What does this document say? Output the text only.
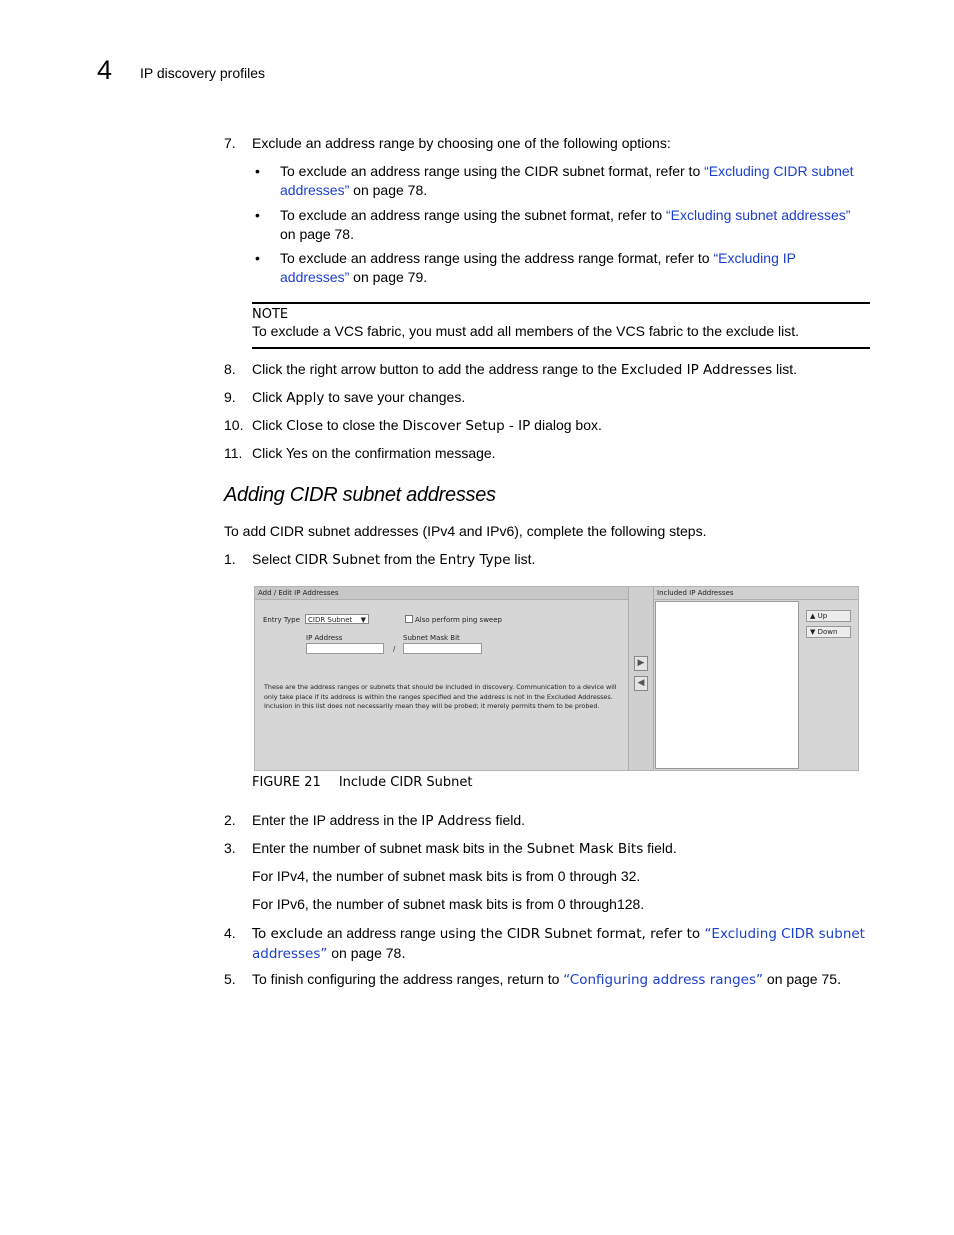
4 IP discovery profiles
7. Exclude an address range by choosing one of the following options:
• To exclude an address range using the CIDR subnet format, refer to “Excluding CIDR subnet addresses” on page 78.
• To exclude an address range using the subnet format, refer to “Excluding subnet addresses” on page 78.
• To exclude an address range using the address range format, refer to “Excluding IP addresses” on page 79.
NOTE
To exclude a VCS fabric, you must add all members of the VCS fabric to the exclude list.
8. Click the right arrow button to add the address range to the Excluded IP Addresses list.
9. Click Apply to save your changes.
10. Click Close to close the Discover Setup - IP dialog box.
11. Click Yes on the confirmation message.
Adding CIDR subnet addresses
To add CIDR subnet addresses (IPv4 and IPv6), complete the following steps.
1. Select CIDR Subnet from the Entry Type list.
Add / Edit IP Addresses
Entry Type	CIDR Subnet ▼	Also perform ping sweep
IP Address
/
Subnet Mask Bit
These are the address ranges or subnets that should be included in discovery. Communication to a device will only take place if its address is within the ranges specified and the address is not in the Excluded Addresses. Inclusion in this list does not necessarily mean they will be probed; it merely permits them to be probed.
▶
◀
Included IP Addresses
▲ Up
▼ Down
FIGURE 21 Include CIDR Subnet
2. Enter the IP address in the IP Address field.
3. Enter the number of subnet mask bits in the Subnet Mask Bits field.
For IPv4, the number of subnet mask bits is from 0 through 32.
For IPv6, the number of subnet mask bits is from 0 through128.
4. To exclude an address range using the CIDR Subnet format, refer to “Excluding CIDR subnet addresses” on page 78.
5. To finish configuring the address ranges, return to “Configuring address ranges” on page 75.
